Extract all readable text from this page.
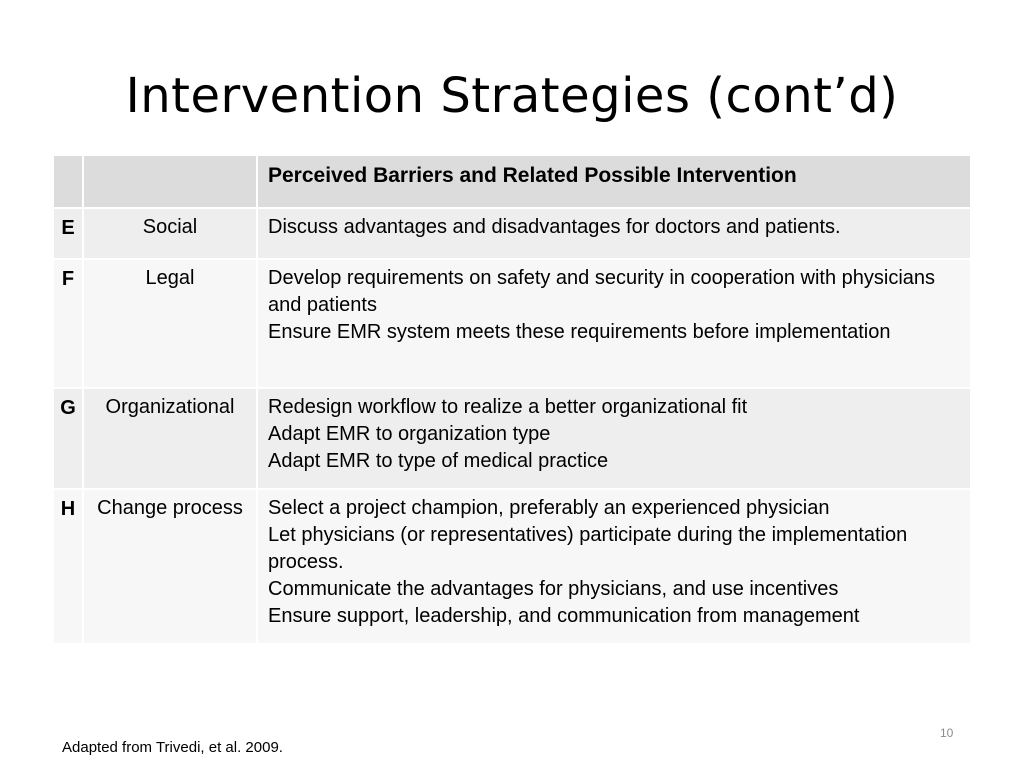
Intervention Strategies (cont’d)
		Perceived Barriers and Related Possible Intervention
E	Social	Discuss advantages and disadvantages for doctors and patients.

F	Legal	Develop requirements on safety and security in cooperation with physicians and patients
Ensure EMR system meets these requirements before implementation

G	Organizational	Redesign workflow to realize a better organizational fit
Adapt EMR to organization type
Adapt EMR to type of medical practice

H	Change process	Select a project champion, preferably an experienced physician
Let physicians (or representatives) participate during the implementation process.
Communicate the advantages for physicians, and use incentives
Ensure support, leadership, and communication from management
10
Adapted from Trivedi, et al. 2009.
